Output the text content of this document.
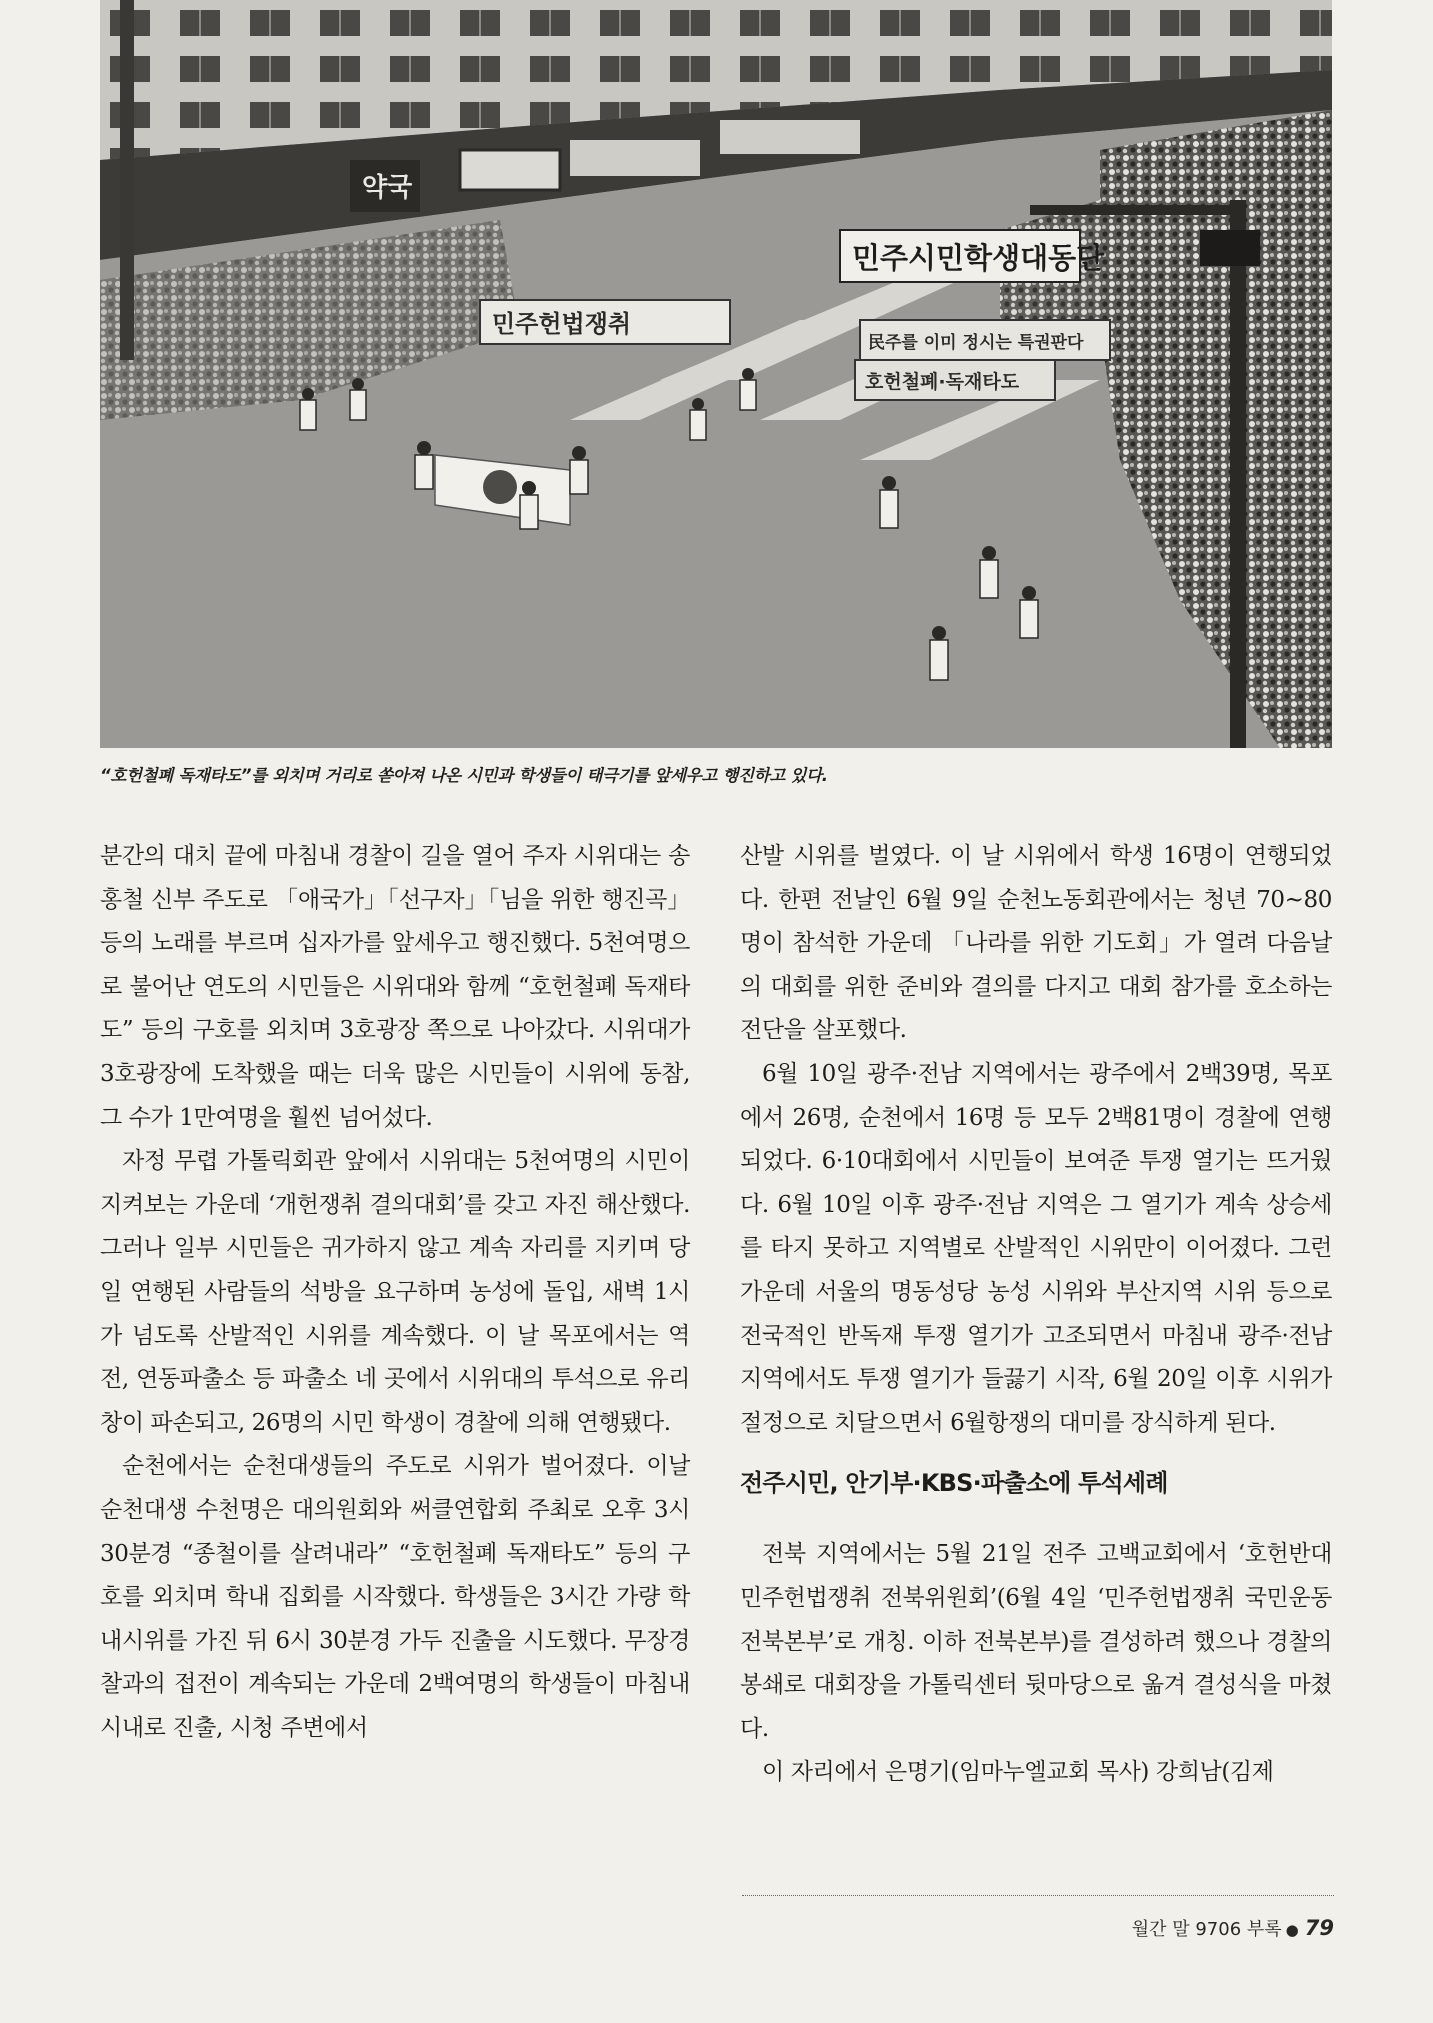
약국
민주시민학생대동단
민주헌법쟁취
民주를 이미 정시는 특권판다
호헌철폐·독재타도
“호헌철폐 독재타도”를 외치며 거리로 쏟아져 나온 시민과 학생들이 태극기를 앞세우고 행진하고 있다.

분간의 대치 끝에 마침내 경찰이 길을 열어 주자 시위대는 송홍철 신부 주도로 「애국가」「선구자」「님을 위한 행진곡」 등의 노래를 부르며 십자가를 앞세우고 행진했다. 5천여명으로 불어난 연도의 시민들은 시위대와 함께 “호헌철폐 독재타도” 등의 구호를 외치며 3호광장 쪽으로 나아갔다. 시위대가 3호광장에 도착했을 때는 더욱 많은 시민들이 시위에 동참, 그 수가 1만여명을 훨씬 넘어섰다.

자정 무렵 가톨릭회관 앞에서 시위대는 5천여명의 시민이 지켜보는 가운데 ‘개헌쟁취 결의대회’를 갖고 자진 해산했다. 그러나 일부 시민들은 귀가하지 않고 계속 자리를 지키며 당일 연행된 사람들의 석방을 요구하며 농성에 돌입, 새벽 1시가 넘도록 산발적인 시위를 계속했다. 이 날 목포에서는 역전, 연동파출소 등 파출소 네 곳에서 시위대의 투석으로 유리창이 파손되고, 26명의 시민 학생이 경찰에 의해 연행됐다.

순천에서는 순천대생들의 주도로 시위가 벌어졌다. 이날 순천대생 수천명은 대의원회와 써클연합회 주최로 오후 3시 30분경 “종철이를 살려내라” “호헌철폐 독재타도” 등의 구호를 외치며 학내 집회를 시작했다. 학생들은 3시간 가량 학내시위를 가진 뒤 6시 30분경 가두 진출을 시도했다. 무장경찰과의 접전이 계속되는 가운데 2백여명의 학생들이 마침내 시내로 진출, 시청 주변에서

산발 시위를 벌였다. 이 날 시위에서 학생 16명이 연행되었다. 한편 전날인 6월 9일 순천노동회관에서는 청년 70~80명이 참석한 가운데 「나라를 위한 기도회」가 열려 다음날의 대회를 위한 준비와 결의를 다지고 대회 참가를 호소하는 전단을 살포했다.

6월 10일 광주·전남 지역에서는 광주에서 2백39명, 목포에서 26명, 순천에서 16명 등 모두 2백81명이 경찰에 연행되었다. 6·10대회에서 시민들이 보여준 투쟁 열기는 뜨거웠다. 6월 10일 이후 광주·전남 지역은 그 열기가 계속 상승세를 타지 못하고 지역별로 산발적인 시위만이 이어졌다. 그런 가운데 서울의 명동성당 농성 시위와 부산지역 시위 등으로 전국적인 반독재 투쟁 열기가 고조되면서 마침내 광주·전남 지역에서도 투쟁 열기가 들끓기 시작, 6월 20일 이후 시위가 절정으로 치달으면서 6월항쟁의 대미를 장식하게 된다.

전주시민, 안기부·KBS·파출소에 투석세례

전북 지역에서는 5월 21일 전주 고백교회에서 ‘호헌반대 민주헌법쟁취 전북위원회’(6월 4일 ‘민주헌법쟁취 국민운동 전북본부’로 개칭. 이하 전북본부)를 결성하려 했으나 경찰의 봉쇄로 대회장을 가톨릭센터 뒷마당으로 옮겨 결성식을 마쳤다.

이 자리에서 은명기(임마누엘교회 목사) 강희남(김제

월간 말 9706 부록 ● 79
